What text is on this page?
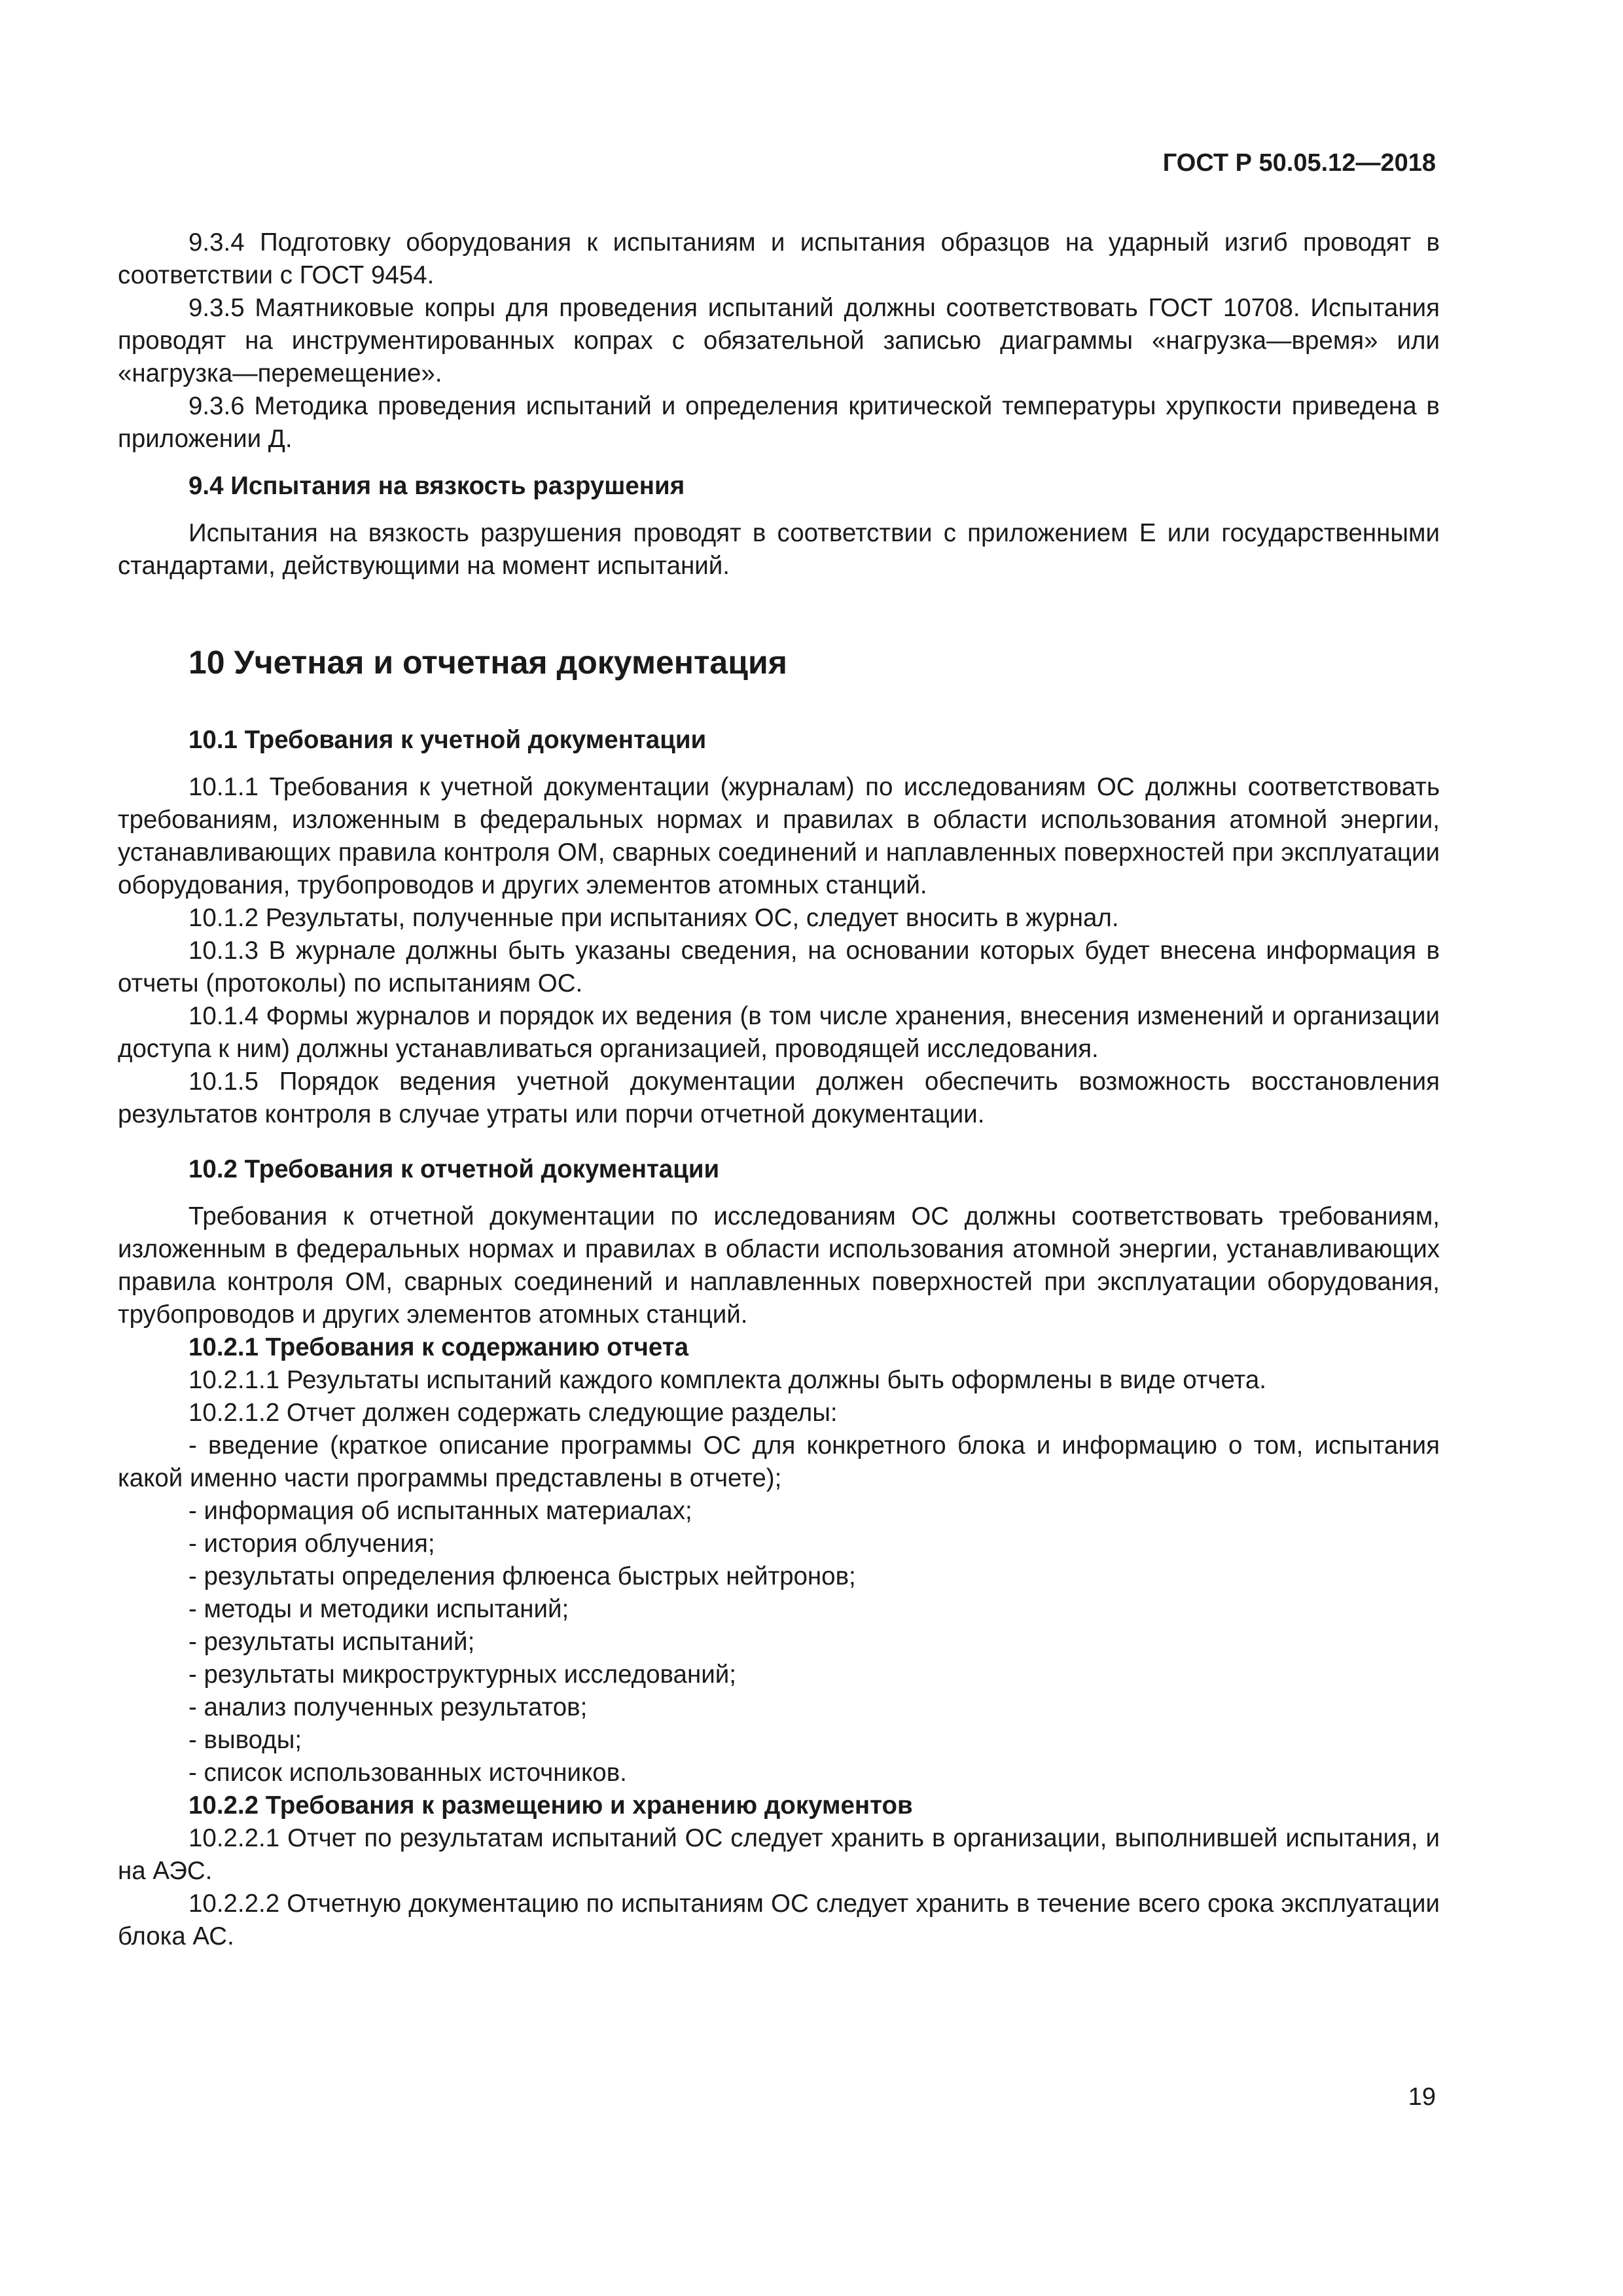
ГОСТ Р 50.05.12—2018

9.3.4 Подготовку оборудования к испытаниям и испытания образцов на ударный изгиб проводят в соответствии с ГОСТ 9454.

9.3.5 Маятниковые копры для проведения испытаний должны соответствовать ГОСТ 10708. Испытания проводят на инструментированных копрах с обязательной записью диаграммы «нагрузка—время» или «нагрузка—перемещение».

9.3.6 Методика проведения испытаний и определения критической температуры хрупкости приведена в приложении Д.

9.4 Испытания на вязкость разрушения

Испытания на вязкость разрушения проводят в соответствии с приложением Е или государственными стандартами, действующими на момент испытаний.

10 Учетная и отчетная документация

10.1 Требования к учетной документации

10.1.1 Требования к учетной документации (журналам) по исследованиям ОС должны соответствовать требованиям, изложенным в федеральных нормах и правилах в области использования атомной энергии, устанавливающих правила контроля ОМ, сварных соединений и наплавленных поверхностей при эксплуатации оборудования, трубопроводов и других элементов атомных станций.

10.1.2 Результаты, полученные при испытаниях ОС, следует вносить в журнал.

10.1.3 В журнале должны быть указаны сведения, на основании которых будет внесена информация в отчеты (протоколы) по испытаниям ОС.

10.1.4 Формы журналов и порядок их ведения (в том числе хранения, внесения изменений и организации доступа к ним) должны устанавливаться организацией, проводящей исследования.

10.1.5 Порядок ведения учетной документации должен обеспечить возможность восстановления результатов контроля в случае утраты или порчи отчетной документации.

10.2 Требования к отчетной документации

Требования к отчетной документации по исследованиям ОС должны соответствовать требованиям, изложенным в федеральных нормах и правилах в области использования атомной энергии, устанавливающих правила контроля ОМ, сварных соединений и наплавленных поверхностей при эксплуатации оборудования, трубопроводов и других элементов атомных станций.

10.2.1 Требования к содержанию отчета

10.2.1.1 Результаты испытаний каждого комплекта должны быть оформлены в виде отчета.

10.2.1.2 Отчет должен содержать следующие разделы:

- введение (краткое описание программы ОС для конкретного блока и информацию о том, испытания какой именно части программы представлены в отчете);
- информация об испытанных материалах;
- история облучения;
- результаты определения флюенса быстрых нейтронов;
- методы и методики испытаний;
- результаты испытаний;
- результаты микроструктурных исследований;
- анализ полученных результатов;
- выводы;
- список использованных источников.

10.2.2 Требования к размещению и хранению документов

10.2.2.1 Отчет по результатам испытаний ОС следует хранить в организации, выполнившей испытания, и на АЭС.

10.2.2.2 Отчетную документацию по испытаниям ОС следует хранить в течение всего срока эксплуатации блока АС.

19
